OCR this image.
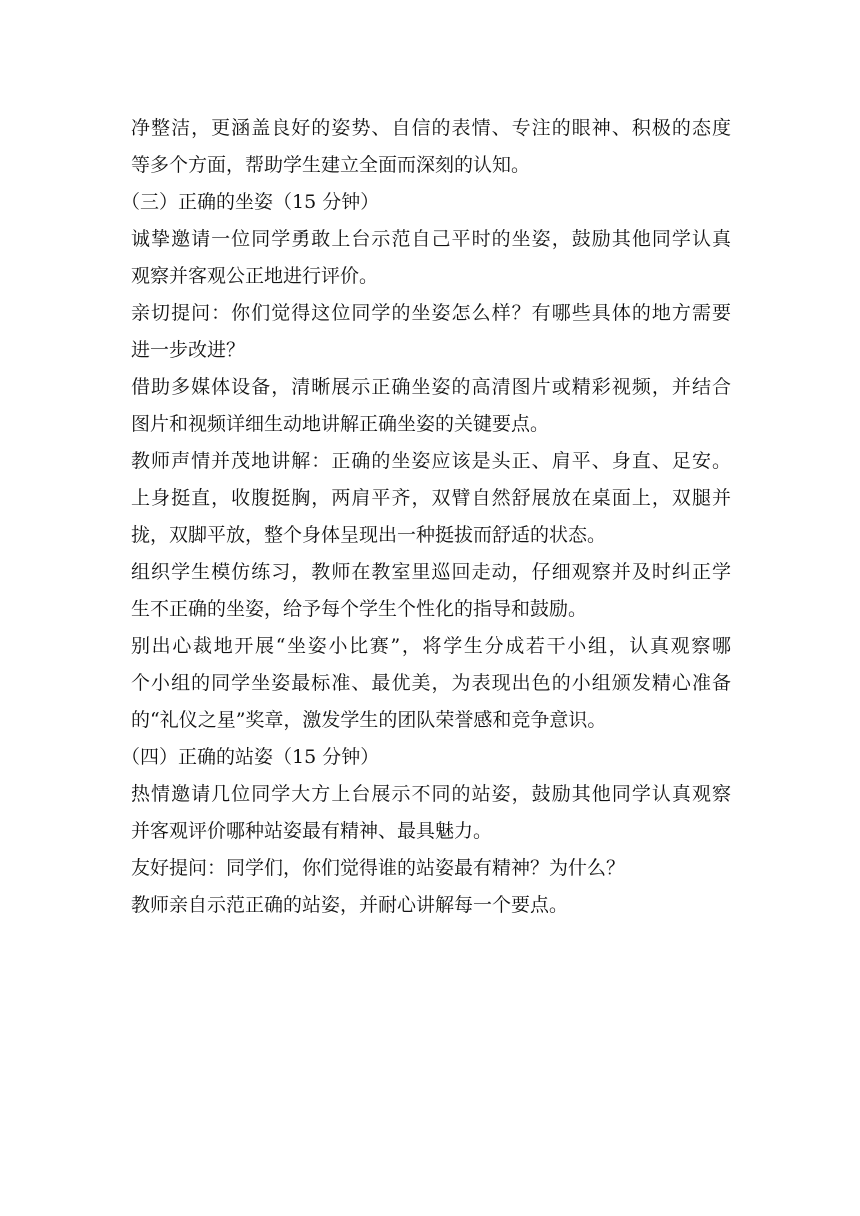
净整洁，更涵盖良好的姿势、自信的表情、专注的眼神、积极的态度
等多个方面，帮助学生建立全面而深刻的认知。
（三）正确的坐姿（15 分钟）
诚挚邀请一位同学勇敢上台示范自己平时的坐姿，鼓励其他同学认真
观察并客观公正地进行评价。
亲切提问：你们觉得这位同学的坐姿怎么样？有哪些具体的地方需要
进一步改进？
借助多媒体设备，清晰展示正确坐姿的高清图片或精彩视频，并结合
图片和视频详细生动地讲解正确坐姿的关键要点。
教师声情并茂地讲解：正确的坐姿应该是头正、肩平、身直、足安。
上身挺直，收腹挺胸，两肩平齐，双臂自然舒展放在桌面上，双腿并
拢，双脚平放，整个身体呈现出一种挺拔而舒适的状态。
组织学生模仿练习，教师在教室里巡回走动，仔细观察并及时纠正学
生不正确的坐姿，给予每个学生个性化的指导和鼓励。
别出心裁地开展“坐姿小比赛”，将学生分成若干小组，认真观察哪
个小组的同学坐姿最标准、最优美，为表现出色的小组颁发精心准备
的“礼仪之星”奖章，激发学生的团队荣誉感和竞争意识。
（四）正确的站姿（15 分钟）
热情邀请几位同学大方上台展示不同的站姿，鼓励其他同学认真观察
并客观评价哪种站姿最有精神、最具魅力。
友好提问：同学们，你们觉得谁的站姿最有精神？为什么？
教师亲自示范正确的站姿，并耐心讲解每一个要点。
